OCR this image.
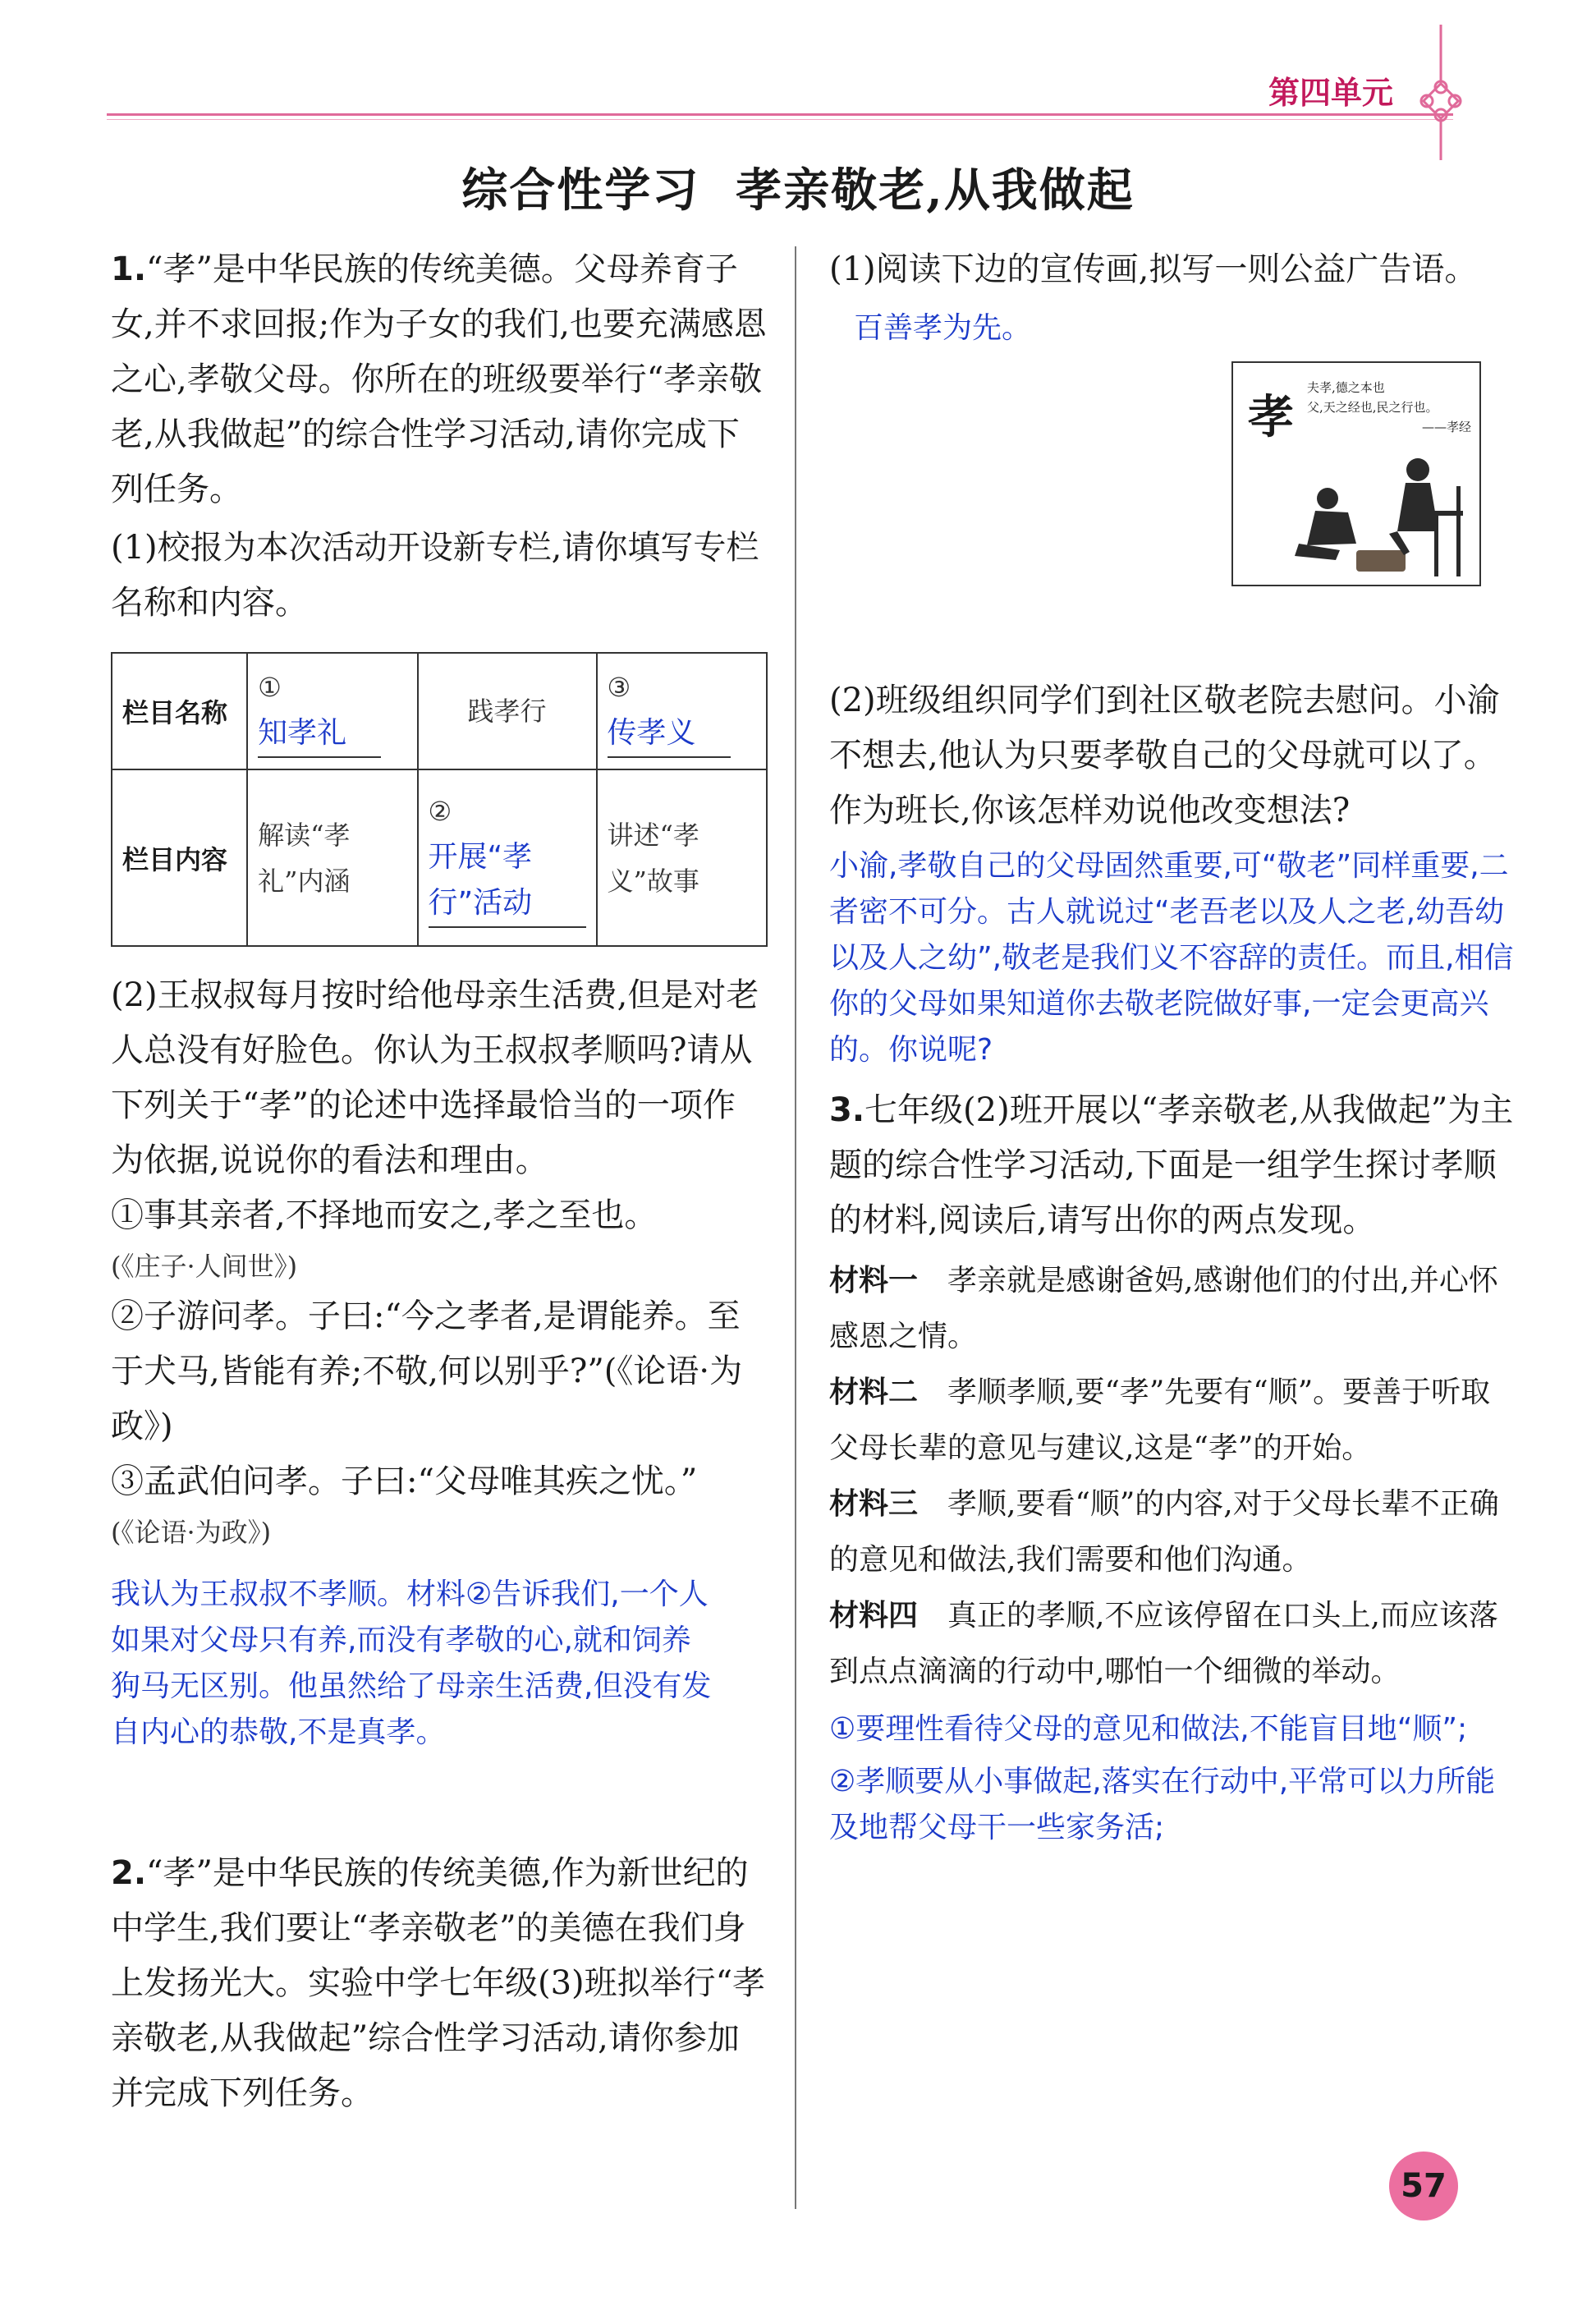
第四单元
综合性学习 孝亲敬老,从我做起

1.“孝”是中华民族的传统美德。父母养育子女,并不求回报;作为子女的我们,也要充满感恩之心,孝敬父母。你所在的班级要举行“孝亲敬老,从我做起”的综合性学习活动,请你完成下列任务。

(1)校报为本次活动开设新专栏,请你填写专栏名称和内容。

栏目名称	① 知孝礼	践孝行	③ 传孝义
栏目内容	解读“孝礼”内涵	② 开展“孝行”活动	讲述“孝义”故事

(2)王叔叔每月按时给他母亲生活费,但是对老人总没有好脸色。你认为王叔叔孝顺吗?请从下列关于“孝”的论述中选择最恰当的一项作为依据,说说你的看法和理由。

①事其亲者,不择地而安之,孝之至也。

(《庄子·人间世》)

②子游问孝。子曰:“今之孝者,是谓能养。至于犬马,皆能有养;不敬,何以别乎?”(《论语·为政》)

③孟武伯问孝。子曰:“父母唯其疾之忧。”

(《论语·为政》)

我认为王叔叔不孝顺。材料②告诉我们,一个人如果对父母只有养,而没有孝敬的心,就和饲养狗马无区别。他虽然给了母亲生活费,但没有发自内心的恭敬,不是真孝。

2.“孝”是中华民族的传统美德,作为新世纪的中学生,我们要让“孝亲敬老”的美德在我们身上发扬光大。实验中学七年级(3)班拟举行“孝亲敬老,从我做起”综合性学习活动,请你参加并完成下列任务。

(1)阅读下边的宣传画,拟写一则公益广告语。

百善孝为先。

孝
夫孝,德之本也
父,天之经也,民之行也。
——孝经

(2)班级组织同学们到社区敬老院去慰问。小渝不想去,他认为只要孝敬自己的父母就可以了。作为班长,你该怎样劝说他改变想法?

小渝,孝敬自己的父母固然重要,可“敬老”同样重要,二者密不可分。古人就说过“老吾老以及人之老,幼吾幼以及人之幼”,敬老是我们义不容辞的责任。而且,相信你的父母如果知道你去敬老院做好事,一定会更高兴的。你说呢?

3.七年级(2)班开展以“孝亲敬老,从我做起”为主题的综合性学习活动,下面是一组学生探讨孝顺的材料,阅读后,请写出你的两点发现。

材料一　 孝亲就是感谢爸妈,感谢他们的付出,并心怀感恩之情。

材料二　 孝顺孝顺,要“孝”先要有“顺”。要善于听取父母长辈的意见与建议,这是“孝”的开始。

材料三　 孝顺,要看“顺”的内容,对于父母长辈不正确的意见和做法,我们需要和他们沟通。

材料四　 真正的孝顺,不应该停留在口头上,而应该落到点点滴滴的行动中,哪怕一个细微的举动。

①要理性看待父母的意见和做法,不能盲目地“顺”;

②孝顺要从小事做起,落实在行动中,平常可以力所能及地帮父母干一些家务活;

57
